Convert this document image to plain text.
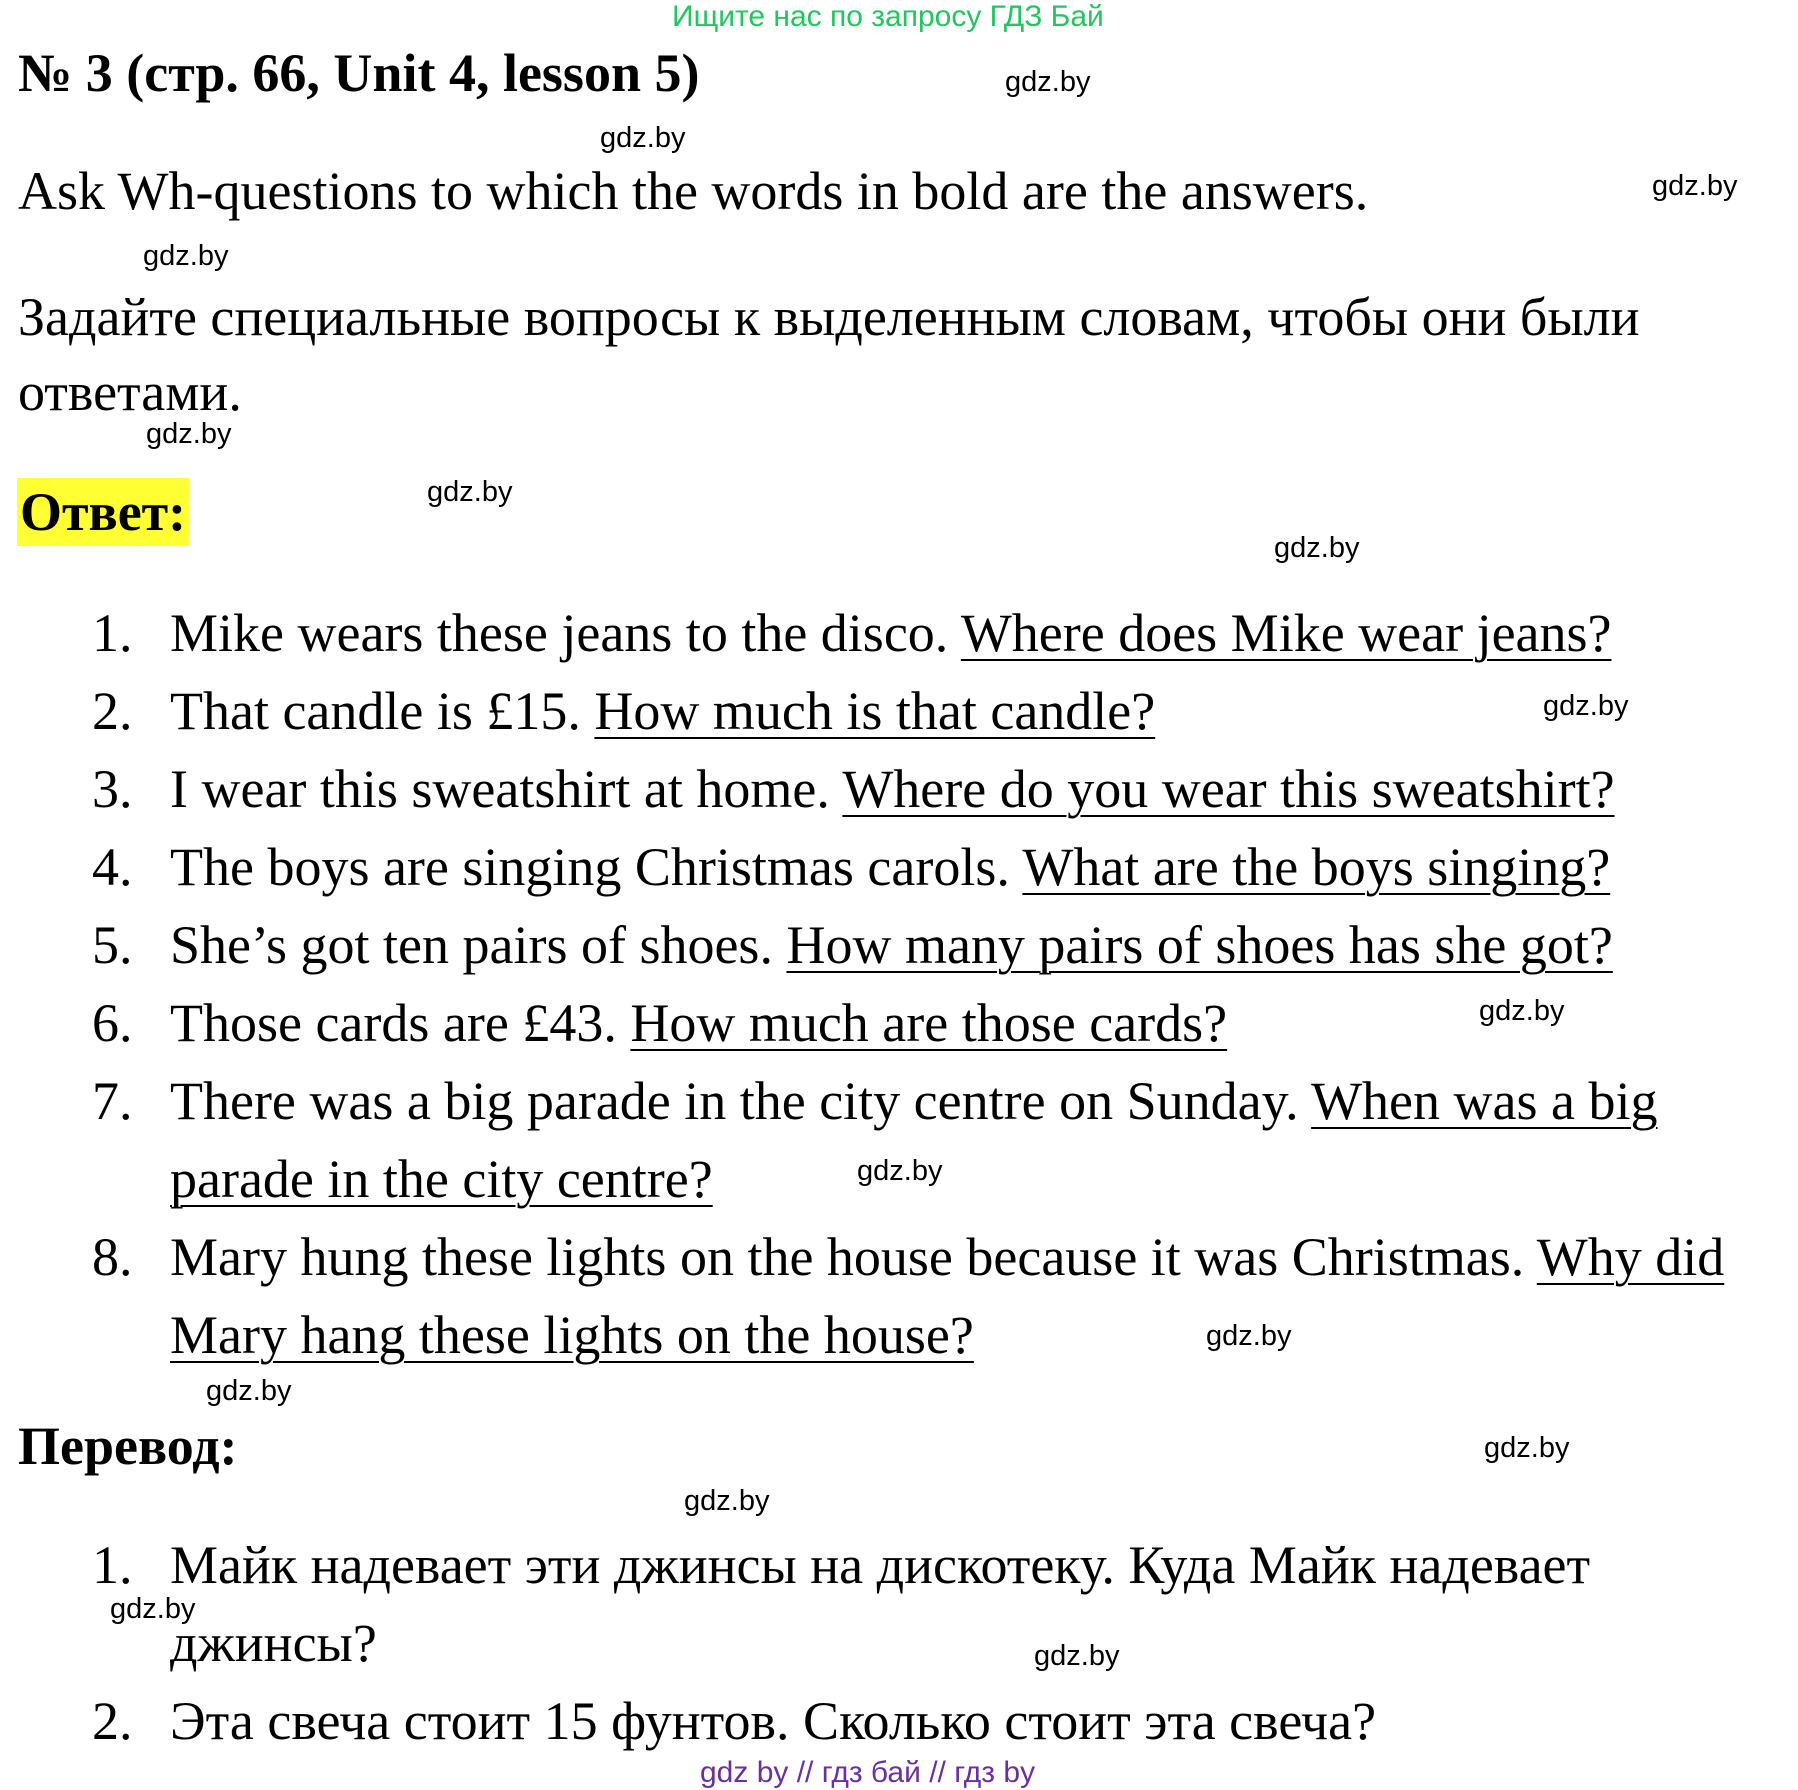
Ищите нас по запросу ГДЗ Бай
№ 3 (стр. 66, Unit 4, lesson 5)
Ask Wh-questions to which the words in bold are the answers.
Задайте специальные вопросы к выделенным словам, чтобы они были ответами.
Ответ:
1. Mike wears these jeans to the disco. Where does Mike wear jeans?
2. That candle is £15. How much is that candle?
3. I wear this sweatshirt at home. Where do you wear this sweatshirt?
4. The boys are singing Christmas carols. What are the boys singing?
5. She’s got ten pairs of shoes. How many pairs of shoes has she got?
6. Those cards are £43. How much are those cards?
7. There was a big parade in the city centre on Sunday. When was a big parade in the city centre?
8. Mary hung these lights on the house because it was Christmas. Why did Mary hang these lights on the house?
Перевод:
1. Майк надевает эти джинсы на дискотеку. Куда Майк надевает джинсы?
2. Эта свеча стоит 15 фунтов. Сколько стоит эта свеча?
gdz.by
gdz.by
gdz.by
gdz.by
gdz.by
gdz.by
gdz.by
gdz.by
gdz.by
gdz.by
gdz.by
gdz.by
gdz.by
gdz.by
gdz.by
gdz.by
gdz by // гдз бай // гдз by
